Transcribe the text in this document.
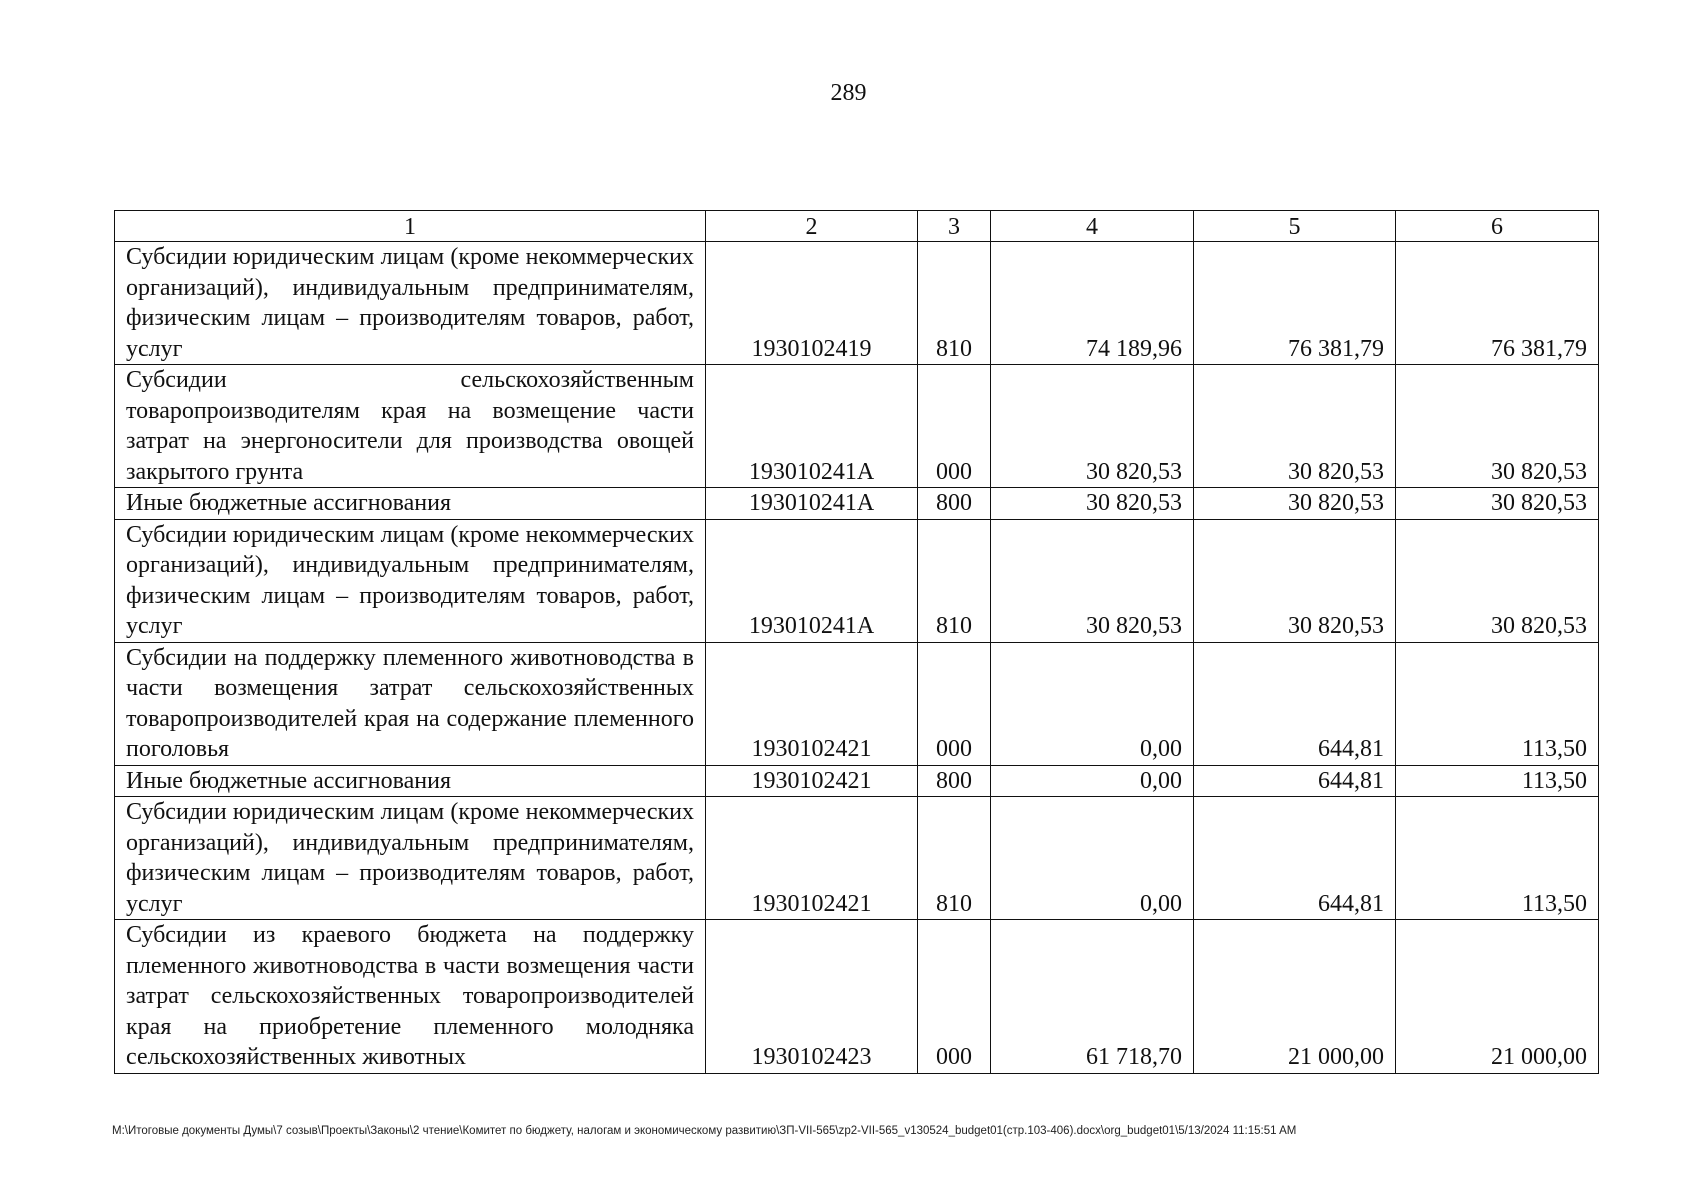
289
1	2	3	4	5	6
Субсидии юридическим лицам (кроме некоммерческих организаций), индивидуальным предпринимателям, физическим лицам – производителям товаров, работ, услуг	1930102419	810	74 189,96	76 381,79	76 381,79
Субсидии сельскохозяйственным товаропроизводителям края на возмещение части затрат на энергоносители для производства овощей закрытого грунта	193010241A	000	30 820,53	30 820,53	30 820,53
Иные бюджетные ассигнования	193010241A	800	30 820,53	30 820,53	30 820,53
Субсидии юридическим лицам (кроме некоммерческих организаций), индивидуальным предпринимателям, физическим лицам – производителям товаров, работ, услуг	193010241A	810	30 820,53	30 820,53	30 820,53
Субсидии на поддержку племенного животноводства в части возмещения затрат сельскохозяйственных товаропроизводителей края на содержание племенного поголовья	1930102421	000	0,00	644,81	113,50
Иные бюджетные ассигнования	1930102421	800	0,00	644,81	113,50
Субсидии юридическим лицам (кроме некоммерческих организаций), индивидуальным предпринимателям, физическим лицам – производителям товаров, работ, услуг	1930102421	810	0,00	644,81	113,50
Субсидии из краевого бюджета на поддержку племенного животноводства в части возмещения части затрат сельскохозяйственных товаропроизводителей края на приобретение племенного молодняка сельскохозяйственных животных	1930102423	000	61 718,70	21 000,00	21 000,00
M:\Итоговые документы Думы\7 созыв\Проекты\Законы\2 чтение\Комитет по бюджету, налогам и экономическому развитию\ЗП-VII-565\zp2-VII-565_v130524_budget01(стр.103-406).docx\org_budget01\5/13/2024 11:15:51 AM
